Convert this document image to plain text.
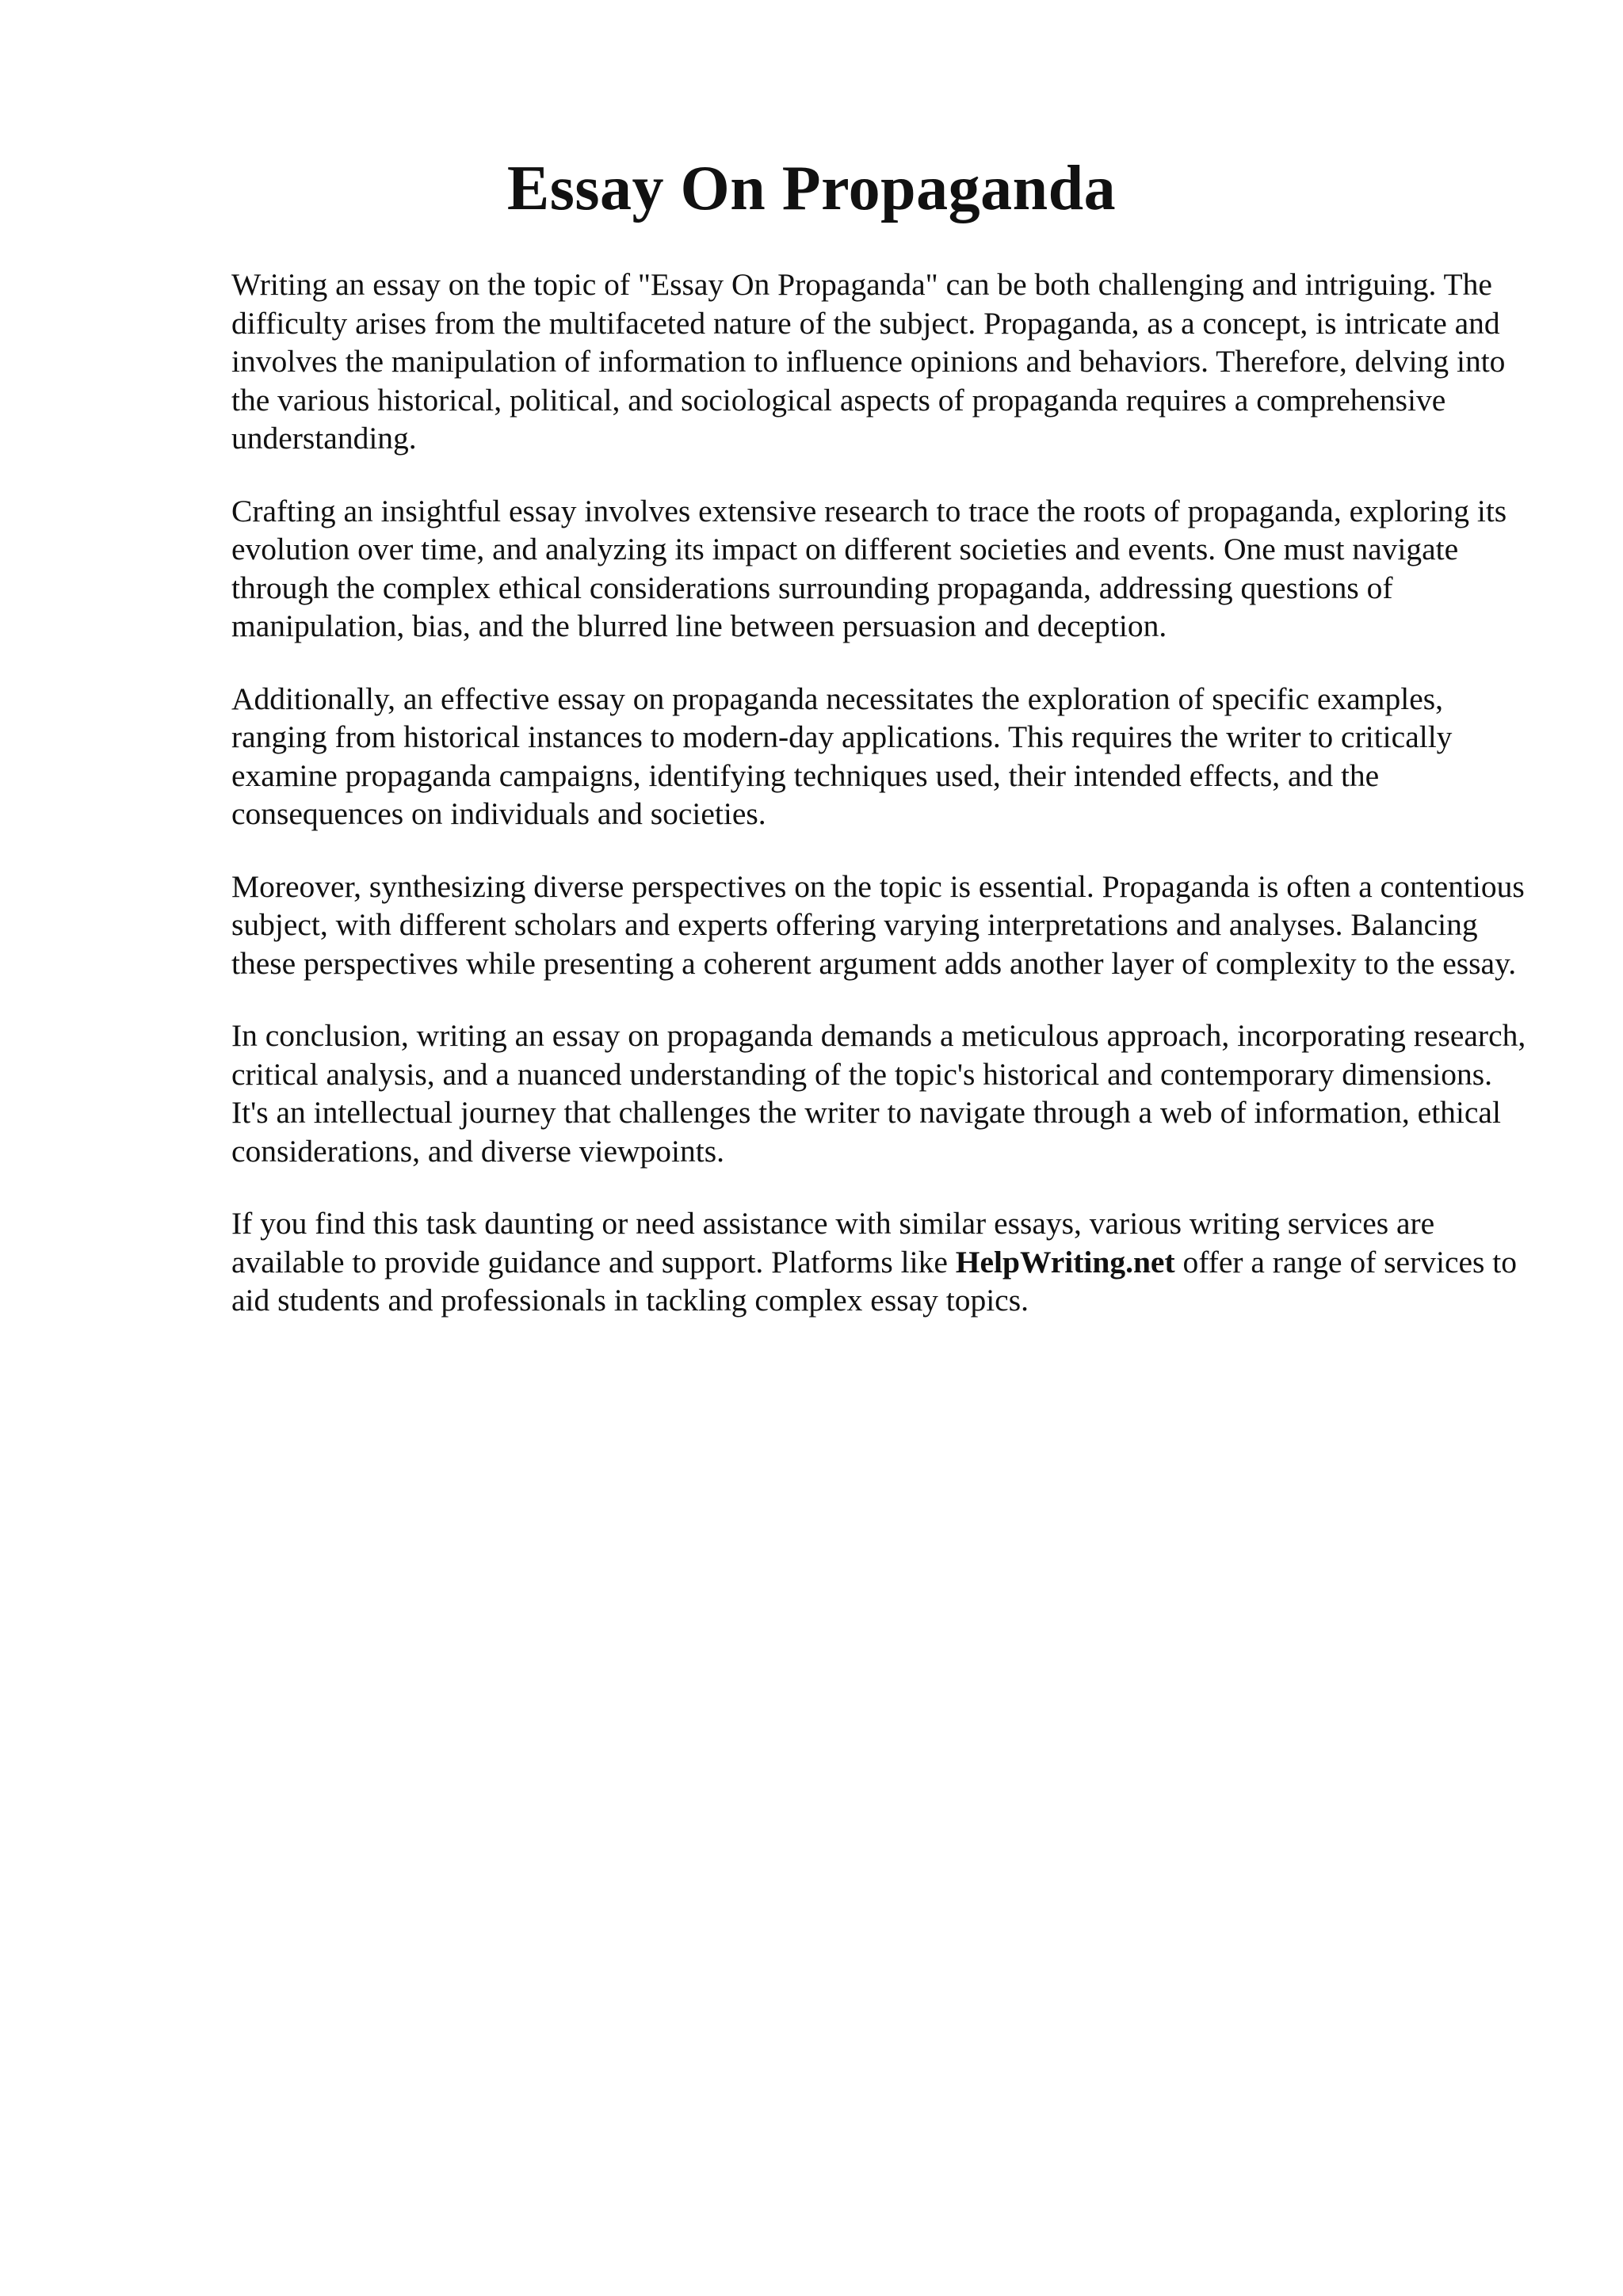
Essay On Propaganda

Writing an essay on the topic of "Essay On Propaganda" can be both challenging and intriguing. The difficulty arises from the multifaceted nature of the subject. Propaganda, as a concept, is intricate and involves the manipulation of information to influence opinions and behaviors. Therefore, delving into the various historical, political, and sociological aspects of propaganda requires a comprehensive understanding.

Crafting an insightful essay involves extensive research to trace the roots of propaganda, exploring its evolution over time, and analyzing its impact on different societies and events. One must navigate through the complex ethical considerations surrounding propaganda, addressing questions of manipulation, bias, and the blurred line between persuasion and deception.

Additionally, an effective essay on propaganda necessitates the exploration of specific examples, ranging from historical instances to modern-day applications. This requires the writer to critically examine propaganda campaigns, identifying techniques used, their intended effects, and the consequences on individuals and societies.

Moreover, synthesizing diverse perspectives on the topic is essential. Propaganda is often a contentious subject, with different scholars and experts offering varying interpretations and analyses. Balancing these perspectives while presenting a coherent argument adds another layer of complexity to the essay.

In conclusion, writing an essay on propaganda demands a meticulous approach, incorporating research, critical analysis, and a nuanced understanding of the topic's historical and contemporary dimensions. It's an intellectual journey that challenges the writer to navigate through a web of information, ethical considerations, and diverse viewpoints.

If you find this task daunting or need assistance with similar essays, various writing services are available to provide guidance and support. Platforms like HelpWriting.net offer a range of services to aid students and professionals in tackling complex essay topics.
